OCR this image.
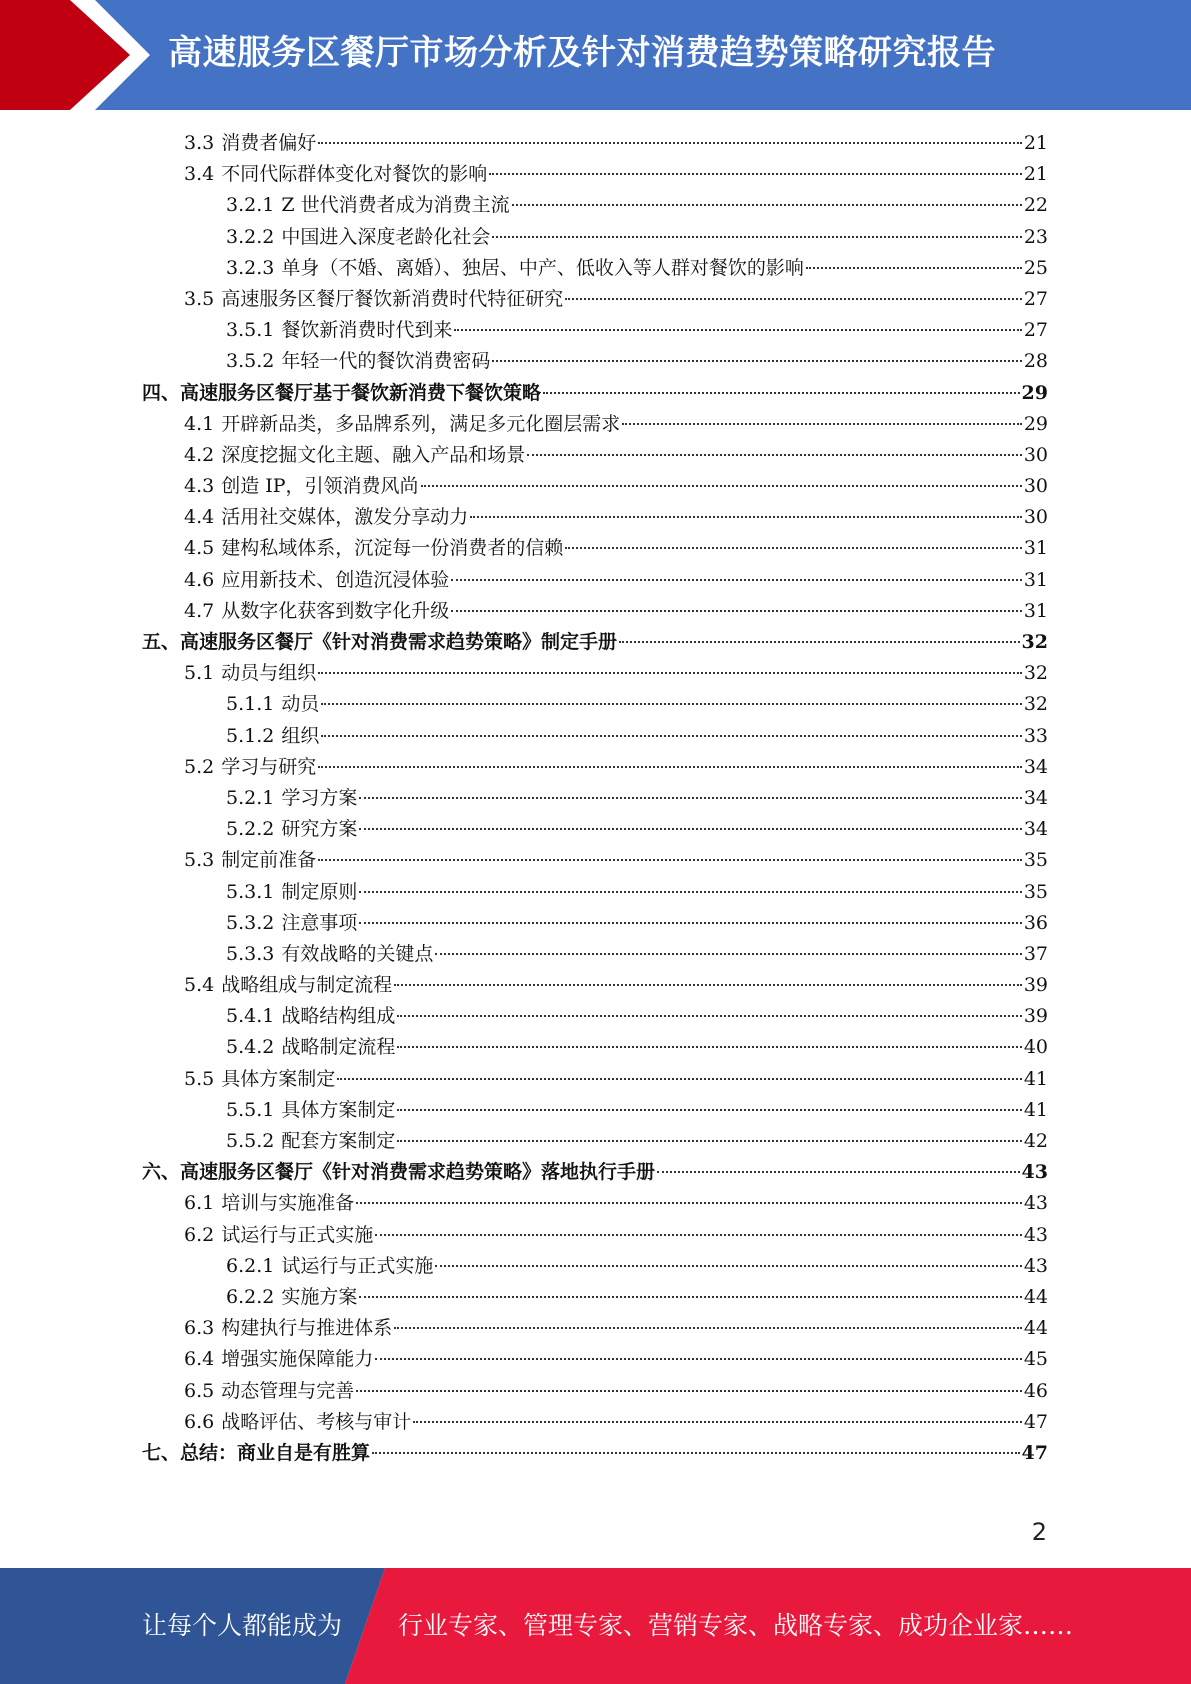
高速服务区餐厅市场分析及针对消费趋势策略研究报告
3.3 消费者偏好	21
3.4 不同代际群体变化对餐饮的影响	21
3.2.1 Z 世代消费者成为消费主流	22
3.2.2 中国进入深度老龄化社会	23
3.2.3 单身（不婚、离婚）、独居、中产、低收入等人群对餐饮的影响	25
3.5 高速服务区餐厅餐饮新消费时代特征研究	27
3.5.1 餐饮新消费时代到来	27
3.5.2 年轻一代的餐饮消费密码	28
四、 高速服务区餐厅基于餐饮新消费下餐饮策略	29
4.1 开辟新品类，多品牌系列，满足多元化圈层需求	29
4.2 深度挖掘文化主题、融入产品和场景	30
4.3 创造 IP，引领消费风尚	30
4.4 活用社交媒体，激发分享动力	30
4.5 建构私域体系，沉淀每一份消费者的信赖	31
4.6 应用新技术、创造沉浸体验	31
4.7 从数字化获客到数字化升级	31
五、 高速服务区餐厅《针对消费需求趋势策略》制定手册	32
5.1 动员与组织	32
5.1.1 动员	32
5.1.2 组织	33
5.2 学习与研究	34
5.2.1 学习方案	34
5.2.2 研究方案	34
5.3 制定前准备	35
5.3.1 制定原则	35
5.3.2 注意事项	36
5.3.3 有效战略的关键点	37
5.4 战略组成与制定流程	39
5.4.1 战略结构组成	39
5.4.2 战略制定流程	40
5.5 具体方案制定	41
5.5.1 具体方案制定	41
5.5.2 配套方案制定	42
六、 高速服务区餐厅《针对消费需求趋势策略》落地执行手册	43
6.1 培训与实施准备	43
6.2 试运行与正式实施	43
6.2.1 试运行与正式实施	43
6.2.2 实施方案	44
6.3 构建执行与推进体系	44
6.4 增强实施保障能力	45
6.5 动态管理与完善	46
6.6 战略评估、考核与审计	47
七、 总结：商业自是有胜算	47
2
让每个人都能成为 行业专家、管理专家、营销专家、战略专家、成功企业家……
